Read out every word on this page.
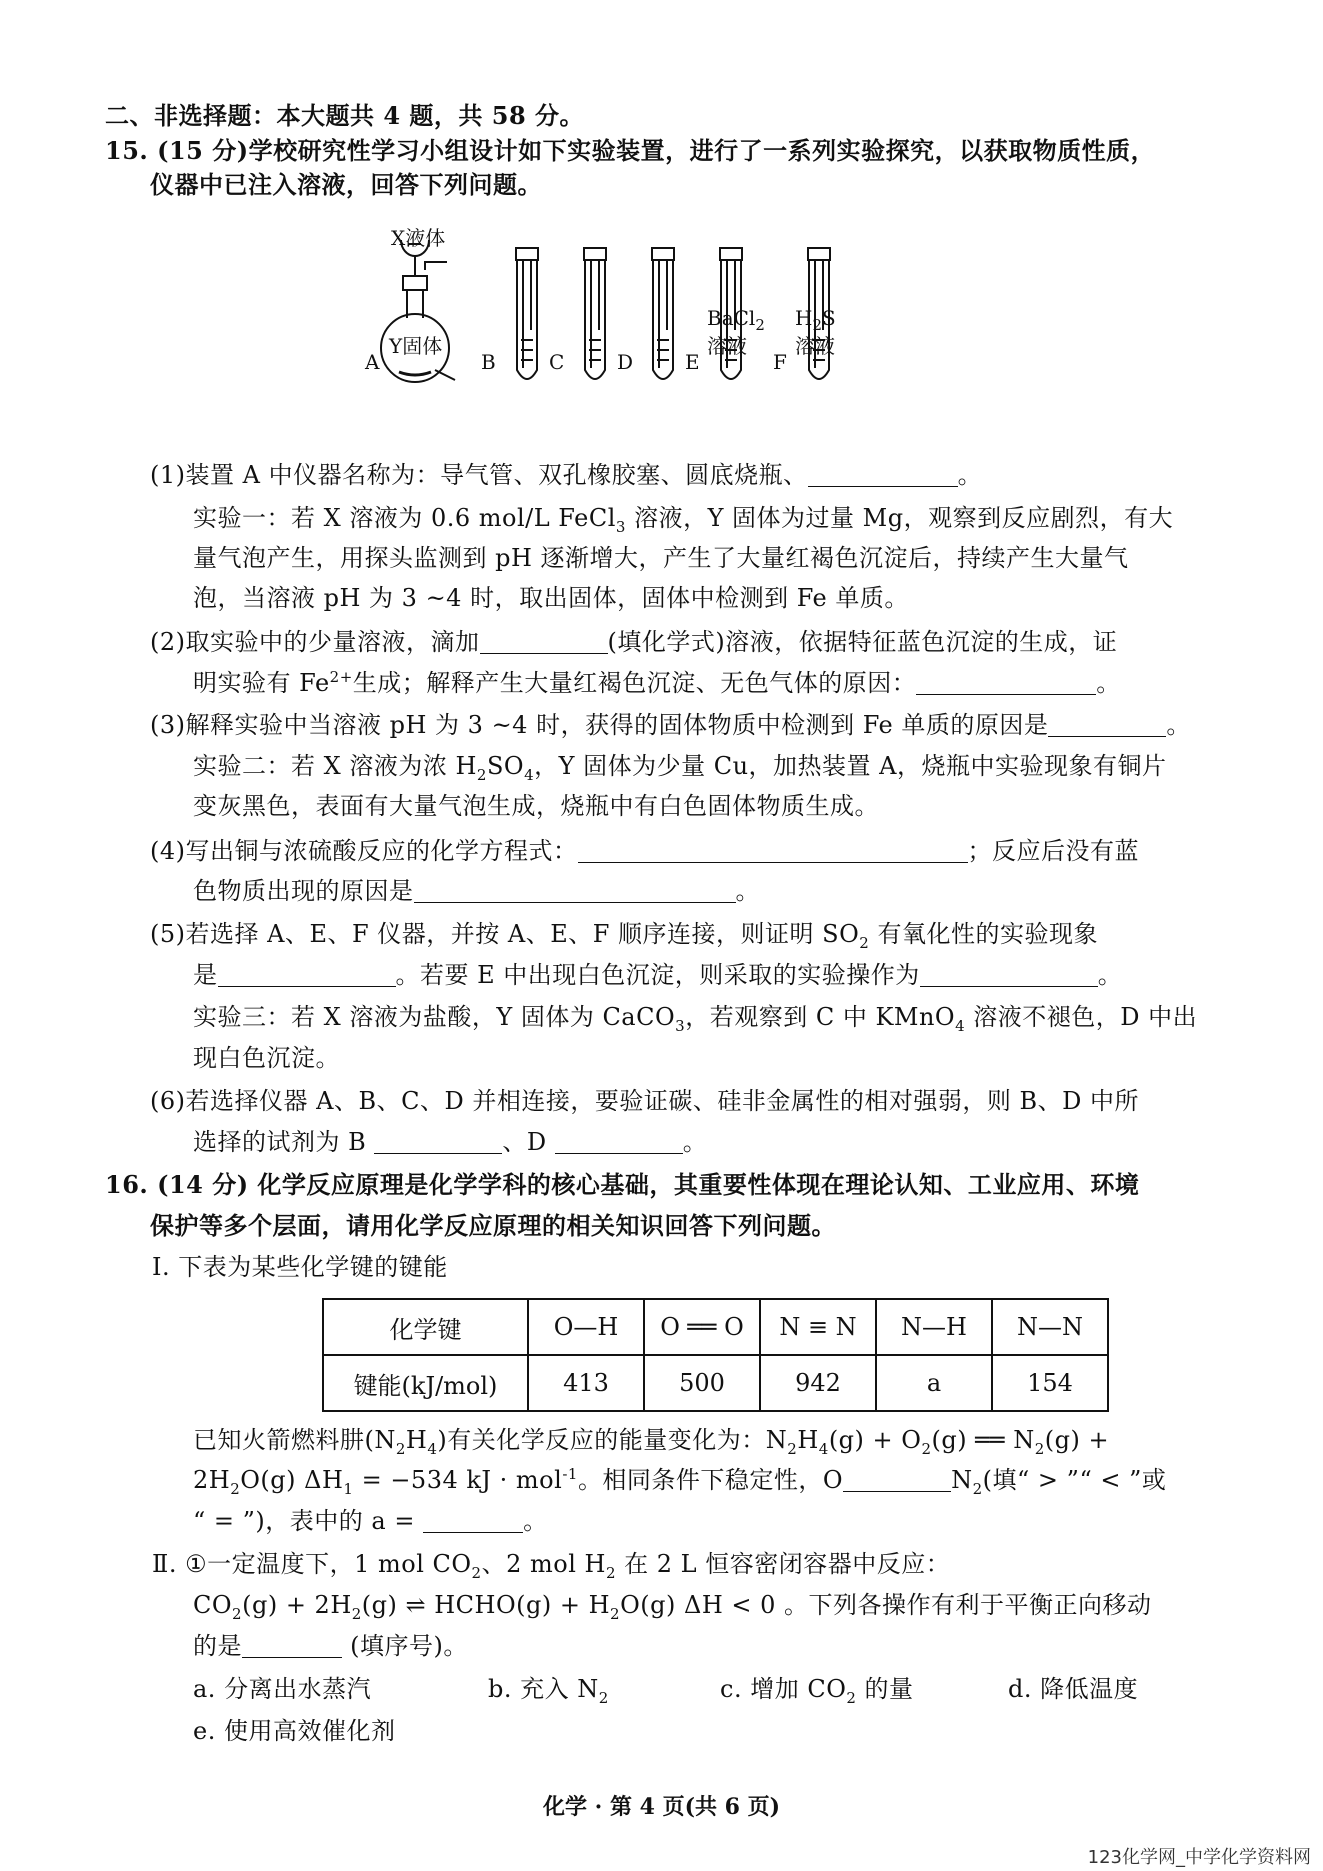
二、非选择题：本大题共 4 题，共 58 分。
15. (15 分)学校研究性学习小组设计如下实验装置，进行了一系列实验探究，以获取物质性质，
仪器中已注入溶液，回答下列问题。
X液体
Y固体
A	B	C	D	E	F
BaCl$_2$
溶液
$H_2S$
溶液
(1)装置 A 中仪器名称为：导气管、双孔橡胶塞、圆底烧瓶、	。
实验一：若 X 溶液为 0.6 mol/L FeCl$_3$ 溶液，Y 固体为过量 Mg，观察到反应剧烈，有大
量气泡产生，用探头监测到 pH 逐渐增大，产生了大量红褐色沉淀后，持续产生大量气
泡，当溶液 pH 为 3 ~4 时，取出固体，固体中检测到 Fe 单质。
(2)取实验中的少量溶液，滴加	(填化学式)溶液，依据特征蓝色沉淀的生成，证
明实验有 $Fe^{2+}$生成；解释产生大量红褐色沉淀、无色气体的原因：	。
(3)解释实验中当溶液 pH 为 3 ~4 时，获得的固体物质中检测到 Fe 单质的原因是	。
实验二：若 X 溶液为浓 $H_2SO_4$，Y 固体为少量 Cu，加热装置 A，烧瓶中实验现象有铜片
变灰黑色，表面有大量气泡生成，烧瓶中有白色固体物质生成。
(4)写出铜与浓硫酸反应的化学方程式：	；反应后没有蓝
色物质出现的原因是	。
(5)若选择 A、E、F 仪器，并按 A、E、F 顺序连接，则证明 $SO_2$ 有氧化性的实验现象
是	。若要 E 中出现白色沉淀，则采取的实验操作为	。
实验三：若 X 溶液为盐酸，Y 固体为 CaCO$_3$，若观察到 C 中 KMnO$_4$ 溶液不褪色，D 中出
现白色沉淀。
(6)若选择仪器 A、B、C、D 并相连接，要验证碳、硅非金属性的相对强弱，则 B、D 中所
选择的试剂为 B	、D	。
16. (14 分) 化学反应原理是化学学科的核心基础，其重要性体现在理论认知、工业应用、环境
保护等多个层面，请用化学反应原理的相关知识回答下列问题。
Ⅰ. 下表为某些化学键的键能
化学键	O—H	O ══ O	N ≡ N	N—H	N—N
键能(kJ/mol)	413	500	942	a	154
已知火箭燃料肼$(N_2H_4)$有关化学反应的能量变化为：$N_2H_4(g) + O_2(g)$ ══ $N_2(g)$ +
$2H_2O(g) \Delta H_1 = -534$ kJ · mol$^{-1}$。相同条件下稳定性，O	$N_2$(填“ > ”“ < ”或
“ = ”)，表中的 a =	。
Ⅱ. ①一定温度下，1 mol $CO_2$、2 mol $H_2$ 在 2 L 恒容密闭容器中反应：
$CO_2(g) + 2H_2(g)$ ⇌ HCHO(g) + $H_2O(g) \Delta H < 0$ 。下列各操作有利于平衡正向移动
的是	(填序号)。
a. 分离出水蒸汽	b. 充入 $N_2$	c. 增加 $CO_2$ 的量	d. 降低温度
e. 使用高效催化剂
化学 · 第 4 页(共 6 页)
123化学网_中学化学资料网
